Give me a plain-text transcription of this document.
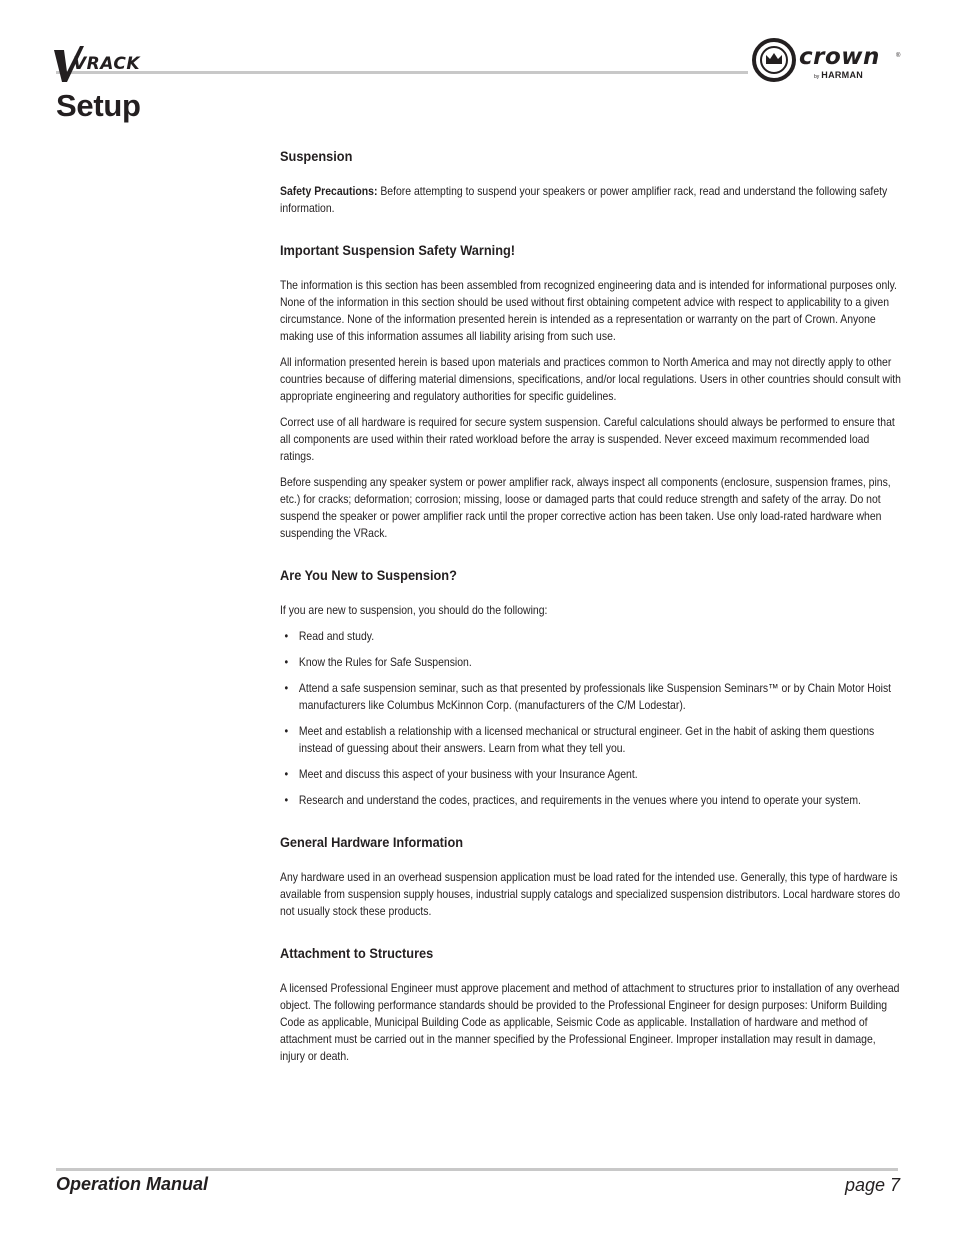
VRACK	crown	®
by HARMAN
Setup
Suspension

Safety Precautions: Before attempting to suspend your speakers or power amplifier rack, read and understand the following safety information.

Important Suspension Safety Warning!

The information is this section has been assembled from recognized engineering data and is intended for informational purposes only. None of the information in this section should be used without first obtaining competent advice with respect to applicability to a given circumstance. None of the information presented herein is intended as a representation or warranty on the part of Crown. Anyone making use of this information assumes all liability arising from such use.

All information presented herein is based upon materials and practices common to North America and may not directly apply to other countries because of differing material dimensions, specifications, and/or local regulations. Users in other countries should consult with appropriate engineering and regulatory authorities for specific guidelines.

Correct use of all hardware is required for secure system suspension. Careful calculations should always be performed to ensure that all components are used within their rated workload before the array is suspended. Never exceed maximum recommended load ratings.

Before suspending any speaker system or power amplifier rack, always inspect all components (enclosure, suspension frames, pins, etc.) for cracks; deformation; corrosion; missing, loose or damaged parts that could reduce strength and safety of the array. Do not suspend the speaker or power amplifier rack until the proper corrective action has been taken. Use only load-rated hardware when suspending the VRack.

Are You New to Suspension?

If you are new to suspension, you should do the following:

• Read and study.
• Know the Rules for Safe Suspension.
• Attend a safe suspension seminar, such as that presented by professionals like Suspension Seminars™ or by Chain Motor Hoist manufacturers like Columbus McKinnon Corp. (manufacturers of the C/M Lodestar).
• Meet and establish a relationship with a licensed mechanical or structural engineer. Get in the habit of asking them questions instead of guessing about their answers. Learn from what they tell you.
• Meet and discuss this aspect of your business with your Insurance Agent.
• Research and understand the codes, practices, and requirements in the venues where you intend to operate your system.
General Hardware Information

Any hardware used in an overhead suspension application must be load rated for the intended use. Generally, this type of hardware is available from suspension supply houses, industrial supply catalogs and specialized suspension distributors. Local hardware stores do not usually stock these products.

Attachment to Structures

A licensed Professional Engineer must approve placement and method of attachment to structures prior to installation of any overhead object. The following performance standards should be provided to the Professional Engineer for design purposes: Uniform Building Code as applicable, Municipal Building Code as applicable, Seismic Code as applicable. Installation of hardware and method of attachment must be carried out in the manner specified by the Professional Engineer. Improper installation may result in damage, injury or death.

Operation Manual	page 7
